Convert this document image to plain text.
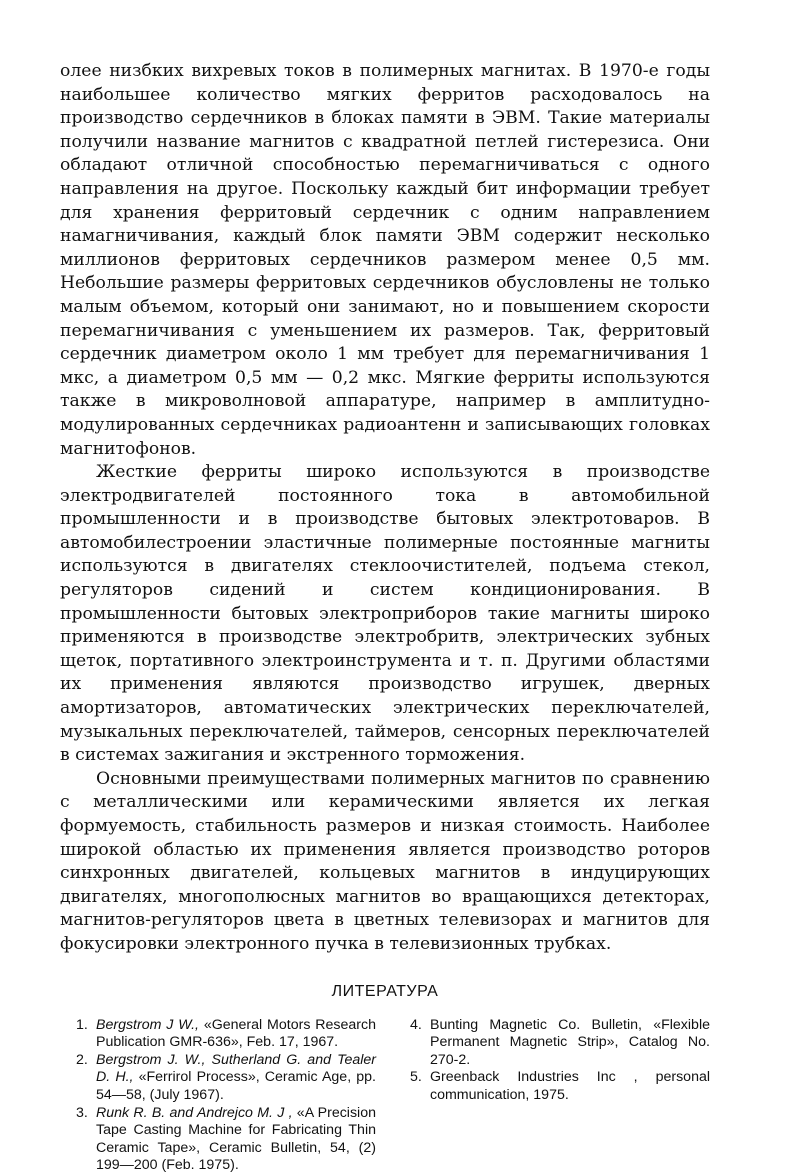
олее низбких вихревых токов в полимерных магнитах. В 1970-е годы наибольшее количество мягких ферритов расходовалось на производство сердечников в блоках памяти в ЭВМ. Такие материалы получили название магнитов с квадратной петлей гистерезиса. Они обладают отличной способностью перемагничиваться с одного направления на другое. Поскольку каждый бит информации требует для хранения ферритовый сердечник с одним направлением намагничивания, каждый блок памяти ЭВМ содержит несколько миллионов ферритовых сердечников размером менее 0,5 мм. Небольшие размеры ферритовых сердечников обусловлены не только малым объемом, который они занимают, но и повышением скорости перемагничивания с уменьшением их размеров. Так, ферритовый сердечник диаметром около 1 мм требует для перемагничивания 1 мкс, а диаметром 0,5 мм — 0,2 мкс. Мягкие ферриты используются также в микроволновой аппаратуре, например в амплитудно-модулированных сердечниках радиоантенн и записывающих головках магнитофонов.

Жесткие ферриты широко используются в производстве электродвигателей постоянного тока в автомобильной промышленности и в производстве бытовых электротоваров. В автомобилестроении эластичные полимерные постоянные магниты используются в двигателях стеклоочистителей, подъема стекол, регуляторов сидений и систем кондиционирования. В промышленности бытовых электроприборов такие магниты широко применяются в производстве электробритв, электрических зубных щеток, портативного электроинструмента и т. п. Другими областями их применения являются производство игрушек, дверных амортизаторов, автоматических электрических переключателей, музыкальных переключателей, таймеров, сенсорных переключателей в системах зажигания и экстренного торможения.

Основными преимуществами полимерных магнитов по сравнению с металлическими или керамическими является их легкая формуемость, стабильность размеров и низкая стоимость. Наиболее широкой областью их применения является производство роторов синхронных двигателей, кольцевых магнитов в индуцирующих двигателях, многополюсных магнитов во вращающихся детекторах, магнитов-регуляторов цвета в цветных телевизорах и магнитов для фокусировки электронного пучка в телевизионных трубках.

ЛИТЕРАТУРА
1. Bergstrom J W., «General Motors Research Publication GMR-636», Feb. 17, 1967.
2. Bergstrom J. W., Sutherland G. and Tealer D. H., «Ferrirol Process», Ceramic Age, pp. 54—58, (July 1967).
3. Runk R. B. and Andrejco M. J , «A Precision Tape Casting Machine for Fabricating Thin Ceramic Tape», Ceramic Bulletin, 54, (2) 199—200 (Feb. 1975).
4. Bunting Magnetic Co. Bulletin, «Flexible Permanent Magnetic Strip», Catalog No. 270-2.
5. Greenback Industries Inc , personal communication, 1975.
